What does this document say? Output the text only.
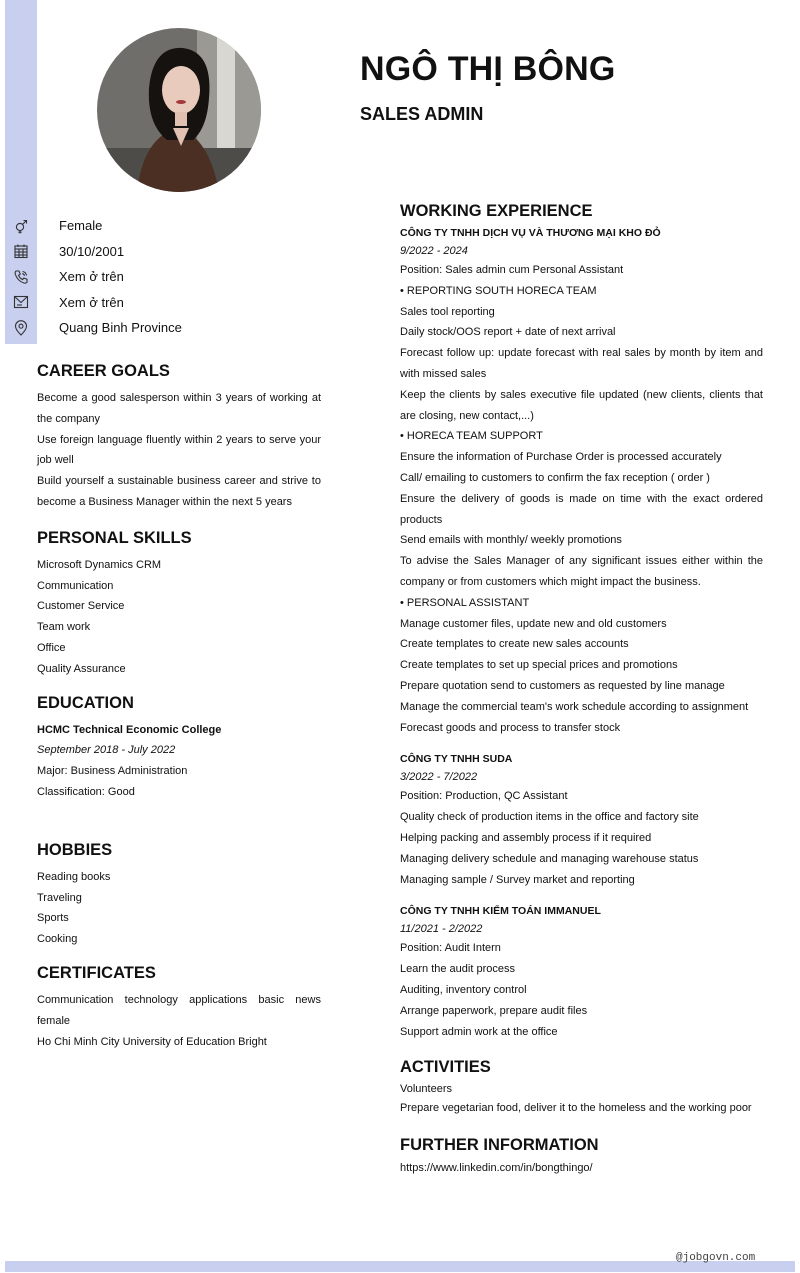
NGÔ THỊ BÔNG
SALES ADMIN
Female
30/10/2001
Xem ở trên
Xem ở trên
Quang Binh Province
CAREER GOALS
Become a good salesperson within 3 years of working at the company
Use foreign language fluently within 2 years to serve your job well
Build yourself a sustainable business career and strive to become a Business Manager within the next 5 years
PERSONAL SKILLS
Microsoft Dynamics CRM
Communication
Customer Service
Team work
Office
Quality Assurance
EDUCATION
HCMC Technical Economic College
September 2018 - July 2022
Major: Business Administration
Classification: Good
HOBBIES
Reading books
Traveling
Sports
Cooking
CERTIFICATES
Communication technology applications basic news female
Ho Chi Minh City University of Education Bright
WORKING EXPERIENCE
CÔNG TY TNHH DỊCH VỤ VÀ THƯƠNG MẠI KHO ĐỎ
9/2022 - 2024
Position: Sales admin cum Personal Assistant
• REPORTING SOUTH HORECA TEAM
Sales tool reporting
Daily stock/OOS report + date of next arrival
Forecast follow up: update forecast with real sales by month by item and with missed sales
Keep the clients by sales executive file updated (new clients, clients that are closing, new contact,...)
• HORECA TEAM SUPPORT
Ensure the information of Purchase Order is processed accurately
Call/ emailing to customers to confirm the fax reception ( order )
Ensure the delivery of goods is made on time with the exact ordered products
Send emails with monthly/ weekly promotions
To advise the Sales Manager of any significant issues either within the company or from customers which might impact the business.
• PERSONAL ASSISTANT
Manage customer files, update new and old customers
Create templates to create new sales accounts
Create templates to set up special prices and promotions
Prepare quotation send to customers as requested by line manage
Manage the commercial team's work schedule according to assignment
Forecast goods and process to transfer stock
CÔNG TY TNHH SUDA
3/2022 - 7/2022
Position: Production, QC Assistant
Quality check of production items in the office and factory site
Helping packing and assembly process if it required
Managing delivery schedule and managing warehouse status
Managing sample / Survey market and reporting
CÔNG TY TNHH KIỂM TOÁN IMMANUEL
11/2021 - 2/2022
Position: Audit Intern
Learn the audit process
Auditing, inventory control
Arrange paperwork, prepare audit files
Support admin work at the office
ACTIVITIES
Volunteers
Prepare vegetarian food, deliver it to the homeless and the working poor
FURTHER INFORMATION
https://www.linkedin.com/in/bongthingo/
@jobgovn.com
